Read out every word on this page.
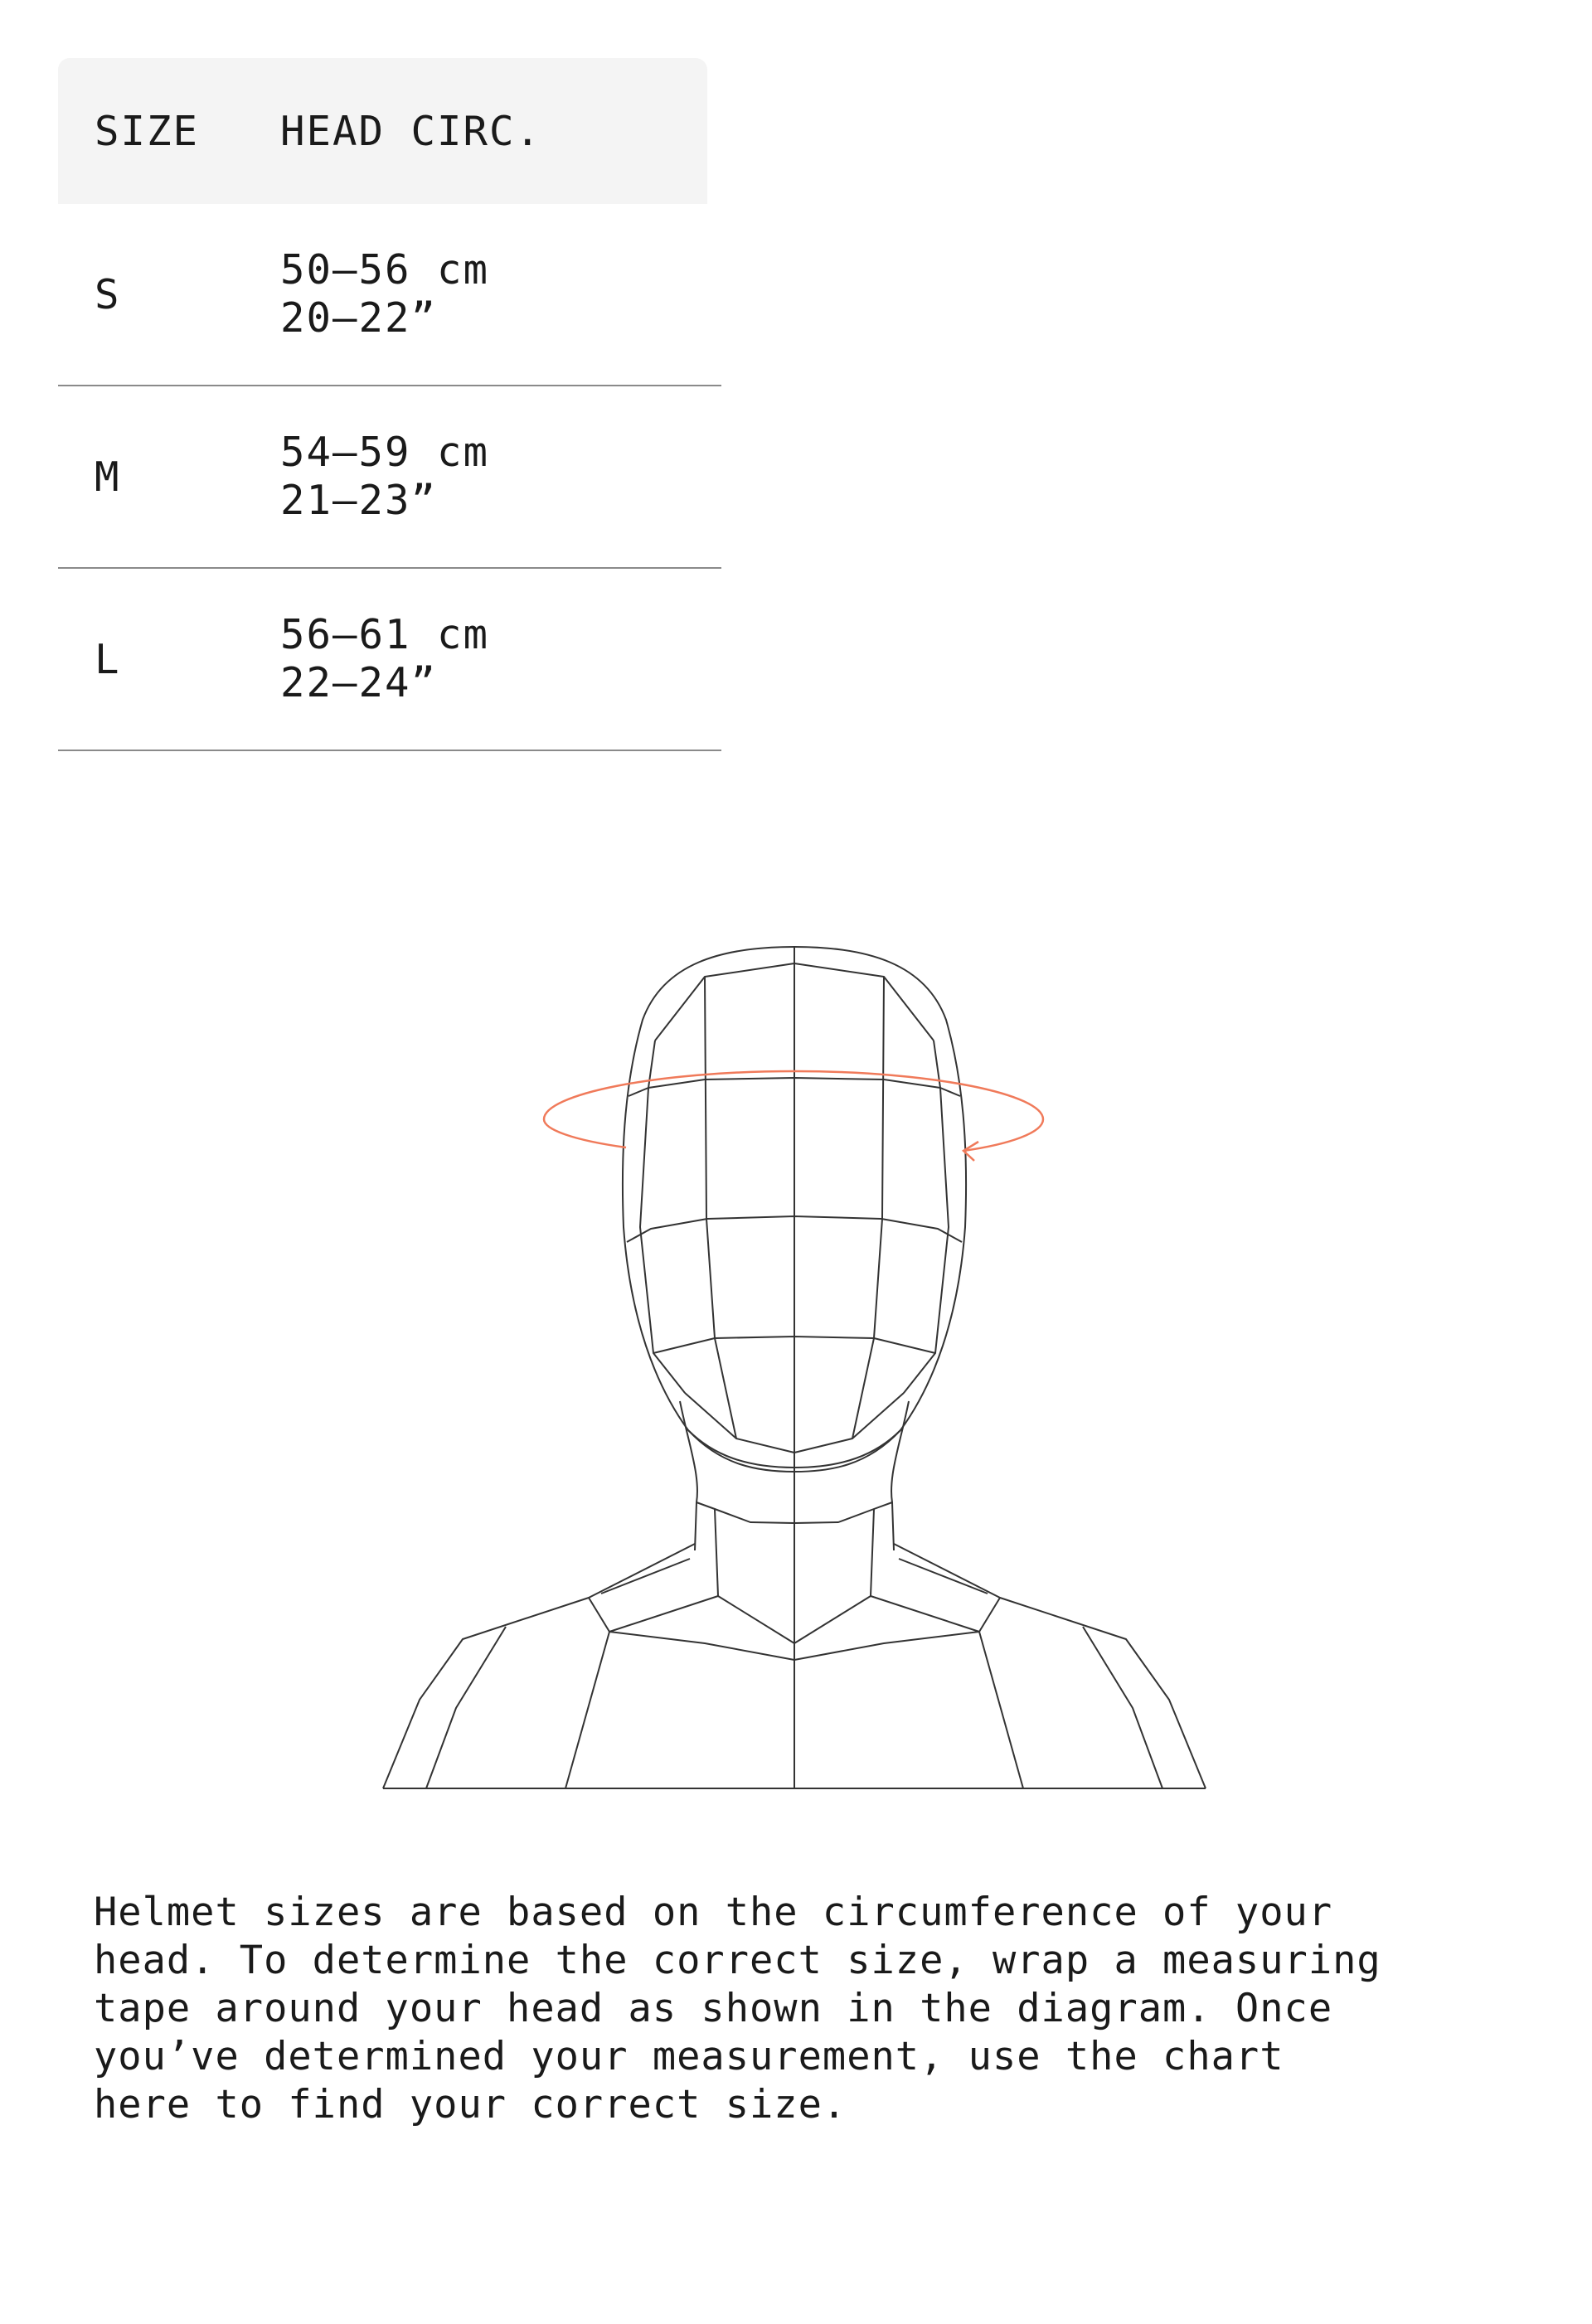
SIZE	HEAD CIRC.
S
50–56 cm
20–22”
M
54–59 cm
21–23”
L
56–61 cm
22–24”

Helmet sizes are based on the circumference of your head. To determine the correct size, wrap a measuring tape around your head as shown in the diagram. Once you’ve determined your measurement, use the chart here to find your correct size.
